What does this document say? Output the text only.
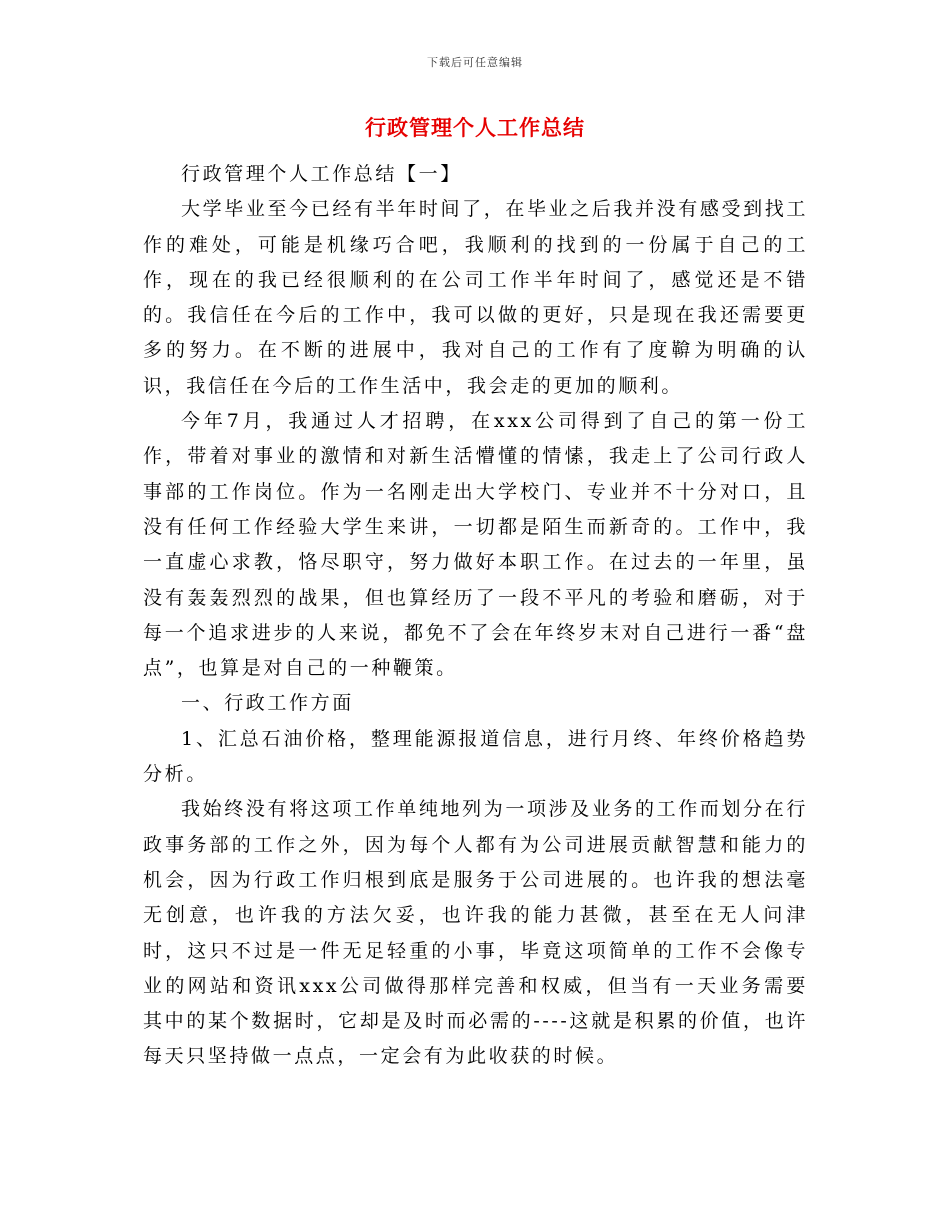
下载后可任意编辑
行政管理个人工作总结

行政管理个人工作总结【一】

大学毕业至今已经有半年时间了，在毕业之后我并没有感受到找工作的难处，可能是机缘巧合吧，我顺利的找到的一份属于自己的工作，现在的我已经很顺利的在公司工作半年时间了，感觉还是不错的。我信任在今后的工作中，我可以做的更好，只是现在我还需要更多的努力。在不断的进展中，我对自己的工作有了度鞥为明确的认识，我信任在今后的工作生活中，我会走的更加的顺利。

今年7月，我通过人才招聘，在xxx公司得到了自己的第一份工作，带着对事业的激情和对新生活懵懂的情愫，我走上了公司行政人事部的工作岗位。作为一名刚走出大学校门、专业并不十分对口，且没有任何工作经验大学生来讲，一切都是陌生而新奇的。工作中，我一直虚心求教，恪尽职守，努力做好本职工作。在过去的一年里，虽没有轰轰烈烈的战果，但也算经历了一段不平凡的考验和磨砺，对于每一个追求进步的人来说，都免不了会在年终岁末对自己进行一番“盘点”，也算是对自己的一种鞭策。

一、行政工作方面

1、汇总石油价格，整理能源报道信息，进行月终、年终价格趋势分析。

我始终没有将这项工作单纯地列为一项涉及业务的工作而划分在行政事务部的工作之外，因为每个人都有为公司进展贡献智慧和能力的机会，因为行政工作归根到底是服务于公司进展的。也许我的想法毫无创意，也许我的方法欠妥，也许我的能力甚微，甚至在无人问津时，这只不过是一件无足轻重的小事，毕竟这项简单的工作不会像专业的网站和资讯xxx公司做得那样完善和权威，但当有一天业务需要其中的某个数据时，它却是及时而必需的----这就是积累的价值，也许每天只坚持做一点点，一定会有为此收获的时候。
